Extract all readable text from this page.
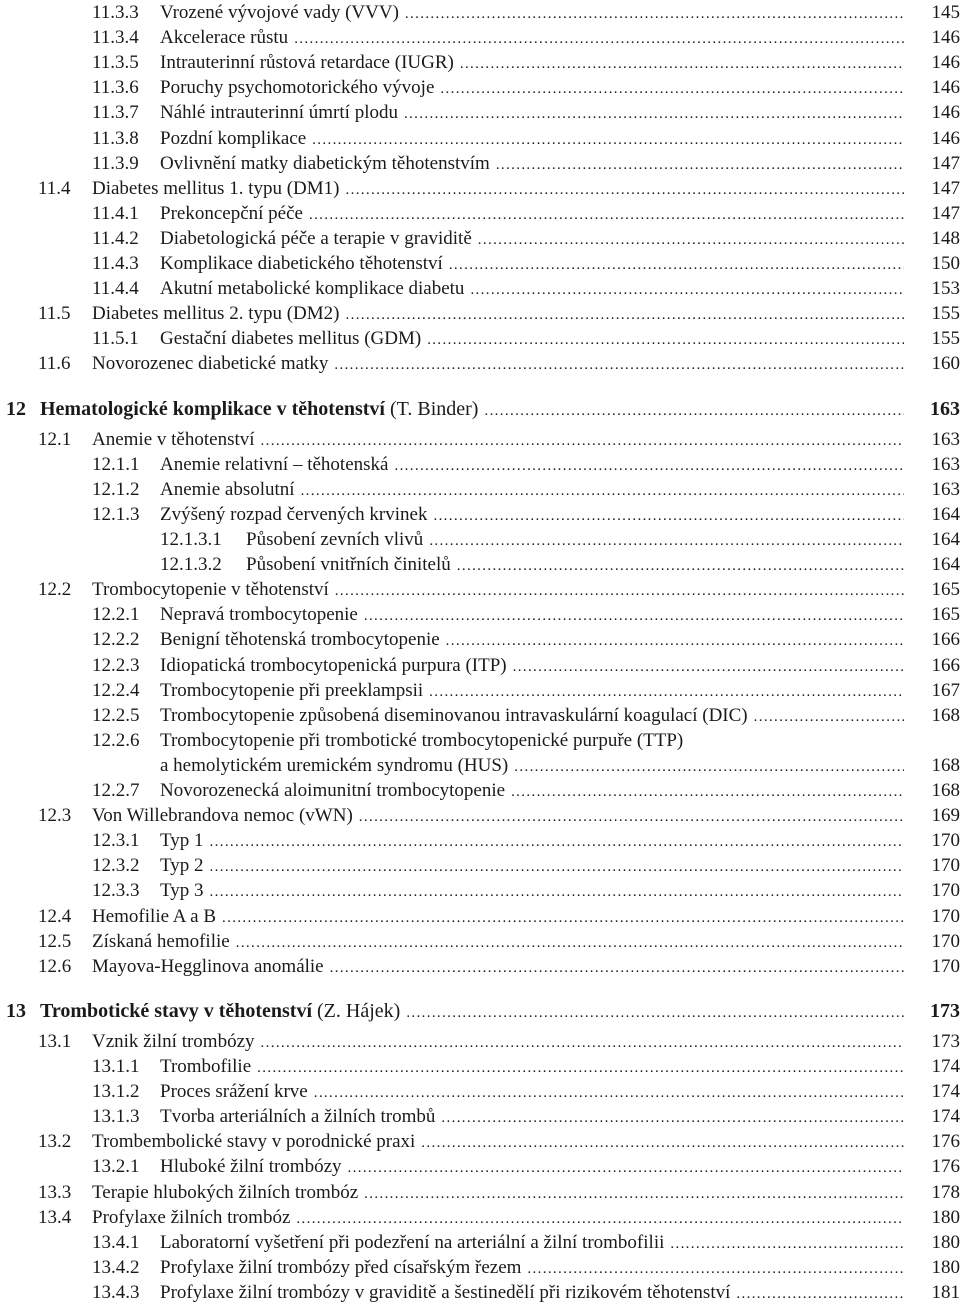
11.3.3 Vrozené vývojové vady (VVV) . . .	145
11.3.4 Akcelerace růstu . . .	146
11.3.5 Intrauterinní růstová retardace (IUGR) . . .	146
11.3.6 Poruchy psychomotorického vývoje . . .	146
11.3.7 Náhlé intrauterinní úmrtí plodu . . .	146
11.3.8 Pozdní komplikace . . .	146
11.3.9 Ovlivnění matky diabetickým těhotenstvím . . .	147
11.4 Diabetes mellitus 1. typu (DM1) . . .	147
11.4.1 Prekoncepční péče . . .	147
11.4.2 Diabetologická péče a terapie v graviditě . . .	148
11.4.3 Komplikace diabetického těhotenství . . .	150
11.4.4 Akutní metabolické komplikace diabetu . . .	153
11.5 Diabetes mellitus 2. typu (DM2) . . .	155
11.5.1 Gestační diabetes mellitus (GDM) . . .	155
11.6 Novorozenec diabetické matky . . .	160
12 Hematologické komplikace v těhotenství (T. Binder) . . .	163
12.1 Anemie v těhotenství . . .	163
12.1.1 Anemie relativní – těhotenská . . .	163
12.1.2 Anemie absolutní . . .	163
12.1.3 Zvýšený rozpad červených krvinek . . .	164
12.1.3.1 Působení zevních vlivů . . .	164
12.1.3.2 Působení vnitřních činitelů . . .	164
12.2 Trombocytopenie v těhotenství . . .	165
12.2.1 Nepravá trombocytopenie . . .	165
12.2.2 Benigní těhotenská trombocytopenie . . .	166
12.2.3 Idiopatická trombocytopenická purpura (ITP) . . .	166
12.2.4 Trombocytopenie při preeklampsii . . .	167
12.2.5 Trombocytopenie způsobená diseminovanou intravaskulární koagulací (DIC) . . .	168
12.2.6 Trombocytopenie při trombotické trombocytopenické purpuře (TTP)
a hemolytickém uremickém syndromu (HUS) . . .	168
12.2.7 Novorozenecká aloimunitní trombocytopenie . . .	168
12.3 Von Willebrandova nemoc (vWN) . . .	169
12.3.1 Typ 1 . . .	170
12.3.2 Typ 2 . . .	170
12.3.3 Typ 3 . . .	170
12.4 Hemofilie A a B . . .	170
12.5 Získaná hemofilie . . .	170
12.6 Mayova-Hegglinova anomálie . . .	170
13 Trombotické stavy v těhotenství (Z. Hájek) . . .	173
13.1 Vznik žilní trombózy . . .	173
13.1.1 Trombofilie . . .	174
13.1.2 Proces srážení krve . . .	174
13.1.3 Tvorba arteriálních a žilních trombů . . .	174
13.2 Trombembolické stavy v porodnické praxi . . .	176
13.2.1 Hluboké žilní trombózy . . .	176
13.3 Terapie hlubokých žilních trombóz . . .	178
13.4 Profylaxe žilních trombóz . . .	180
13.4.1 Laboratorní vyšetření při podezření na arteriální a žilní trombofilii . . .	180
13.4.2 Profylaxe žilní trombózy před císařským řezem . . .	180
13.4.3 Profylaxe žilní trombózy v graviditě a šestinedělí při rizikovém těhotenství . . .	181
